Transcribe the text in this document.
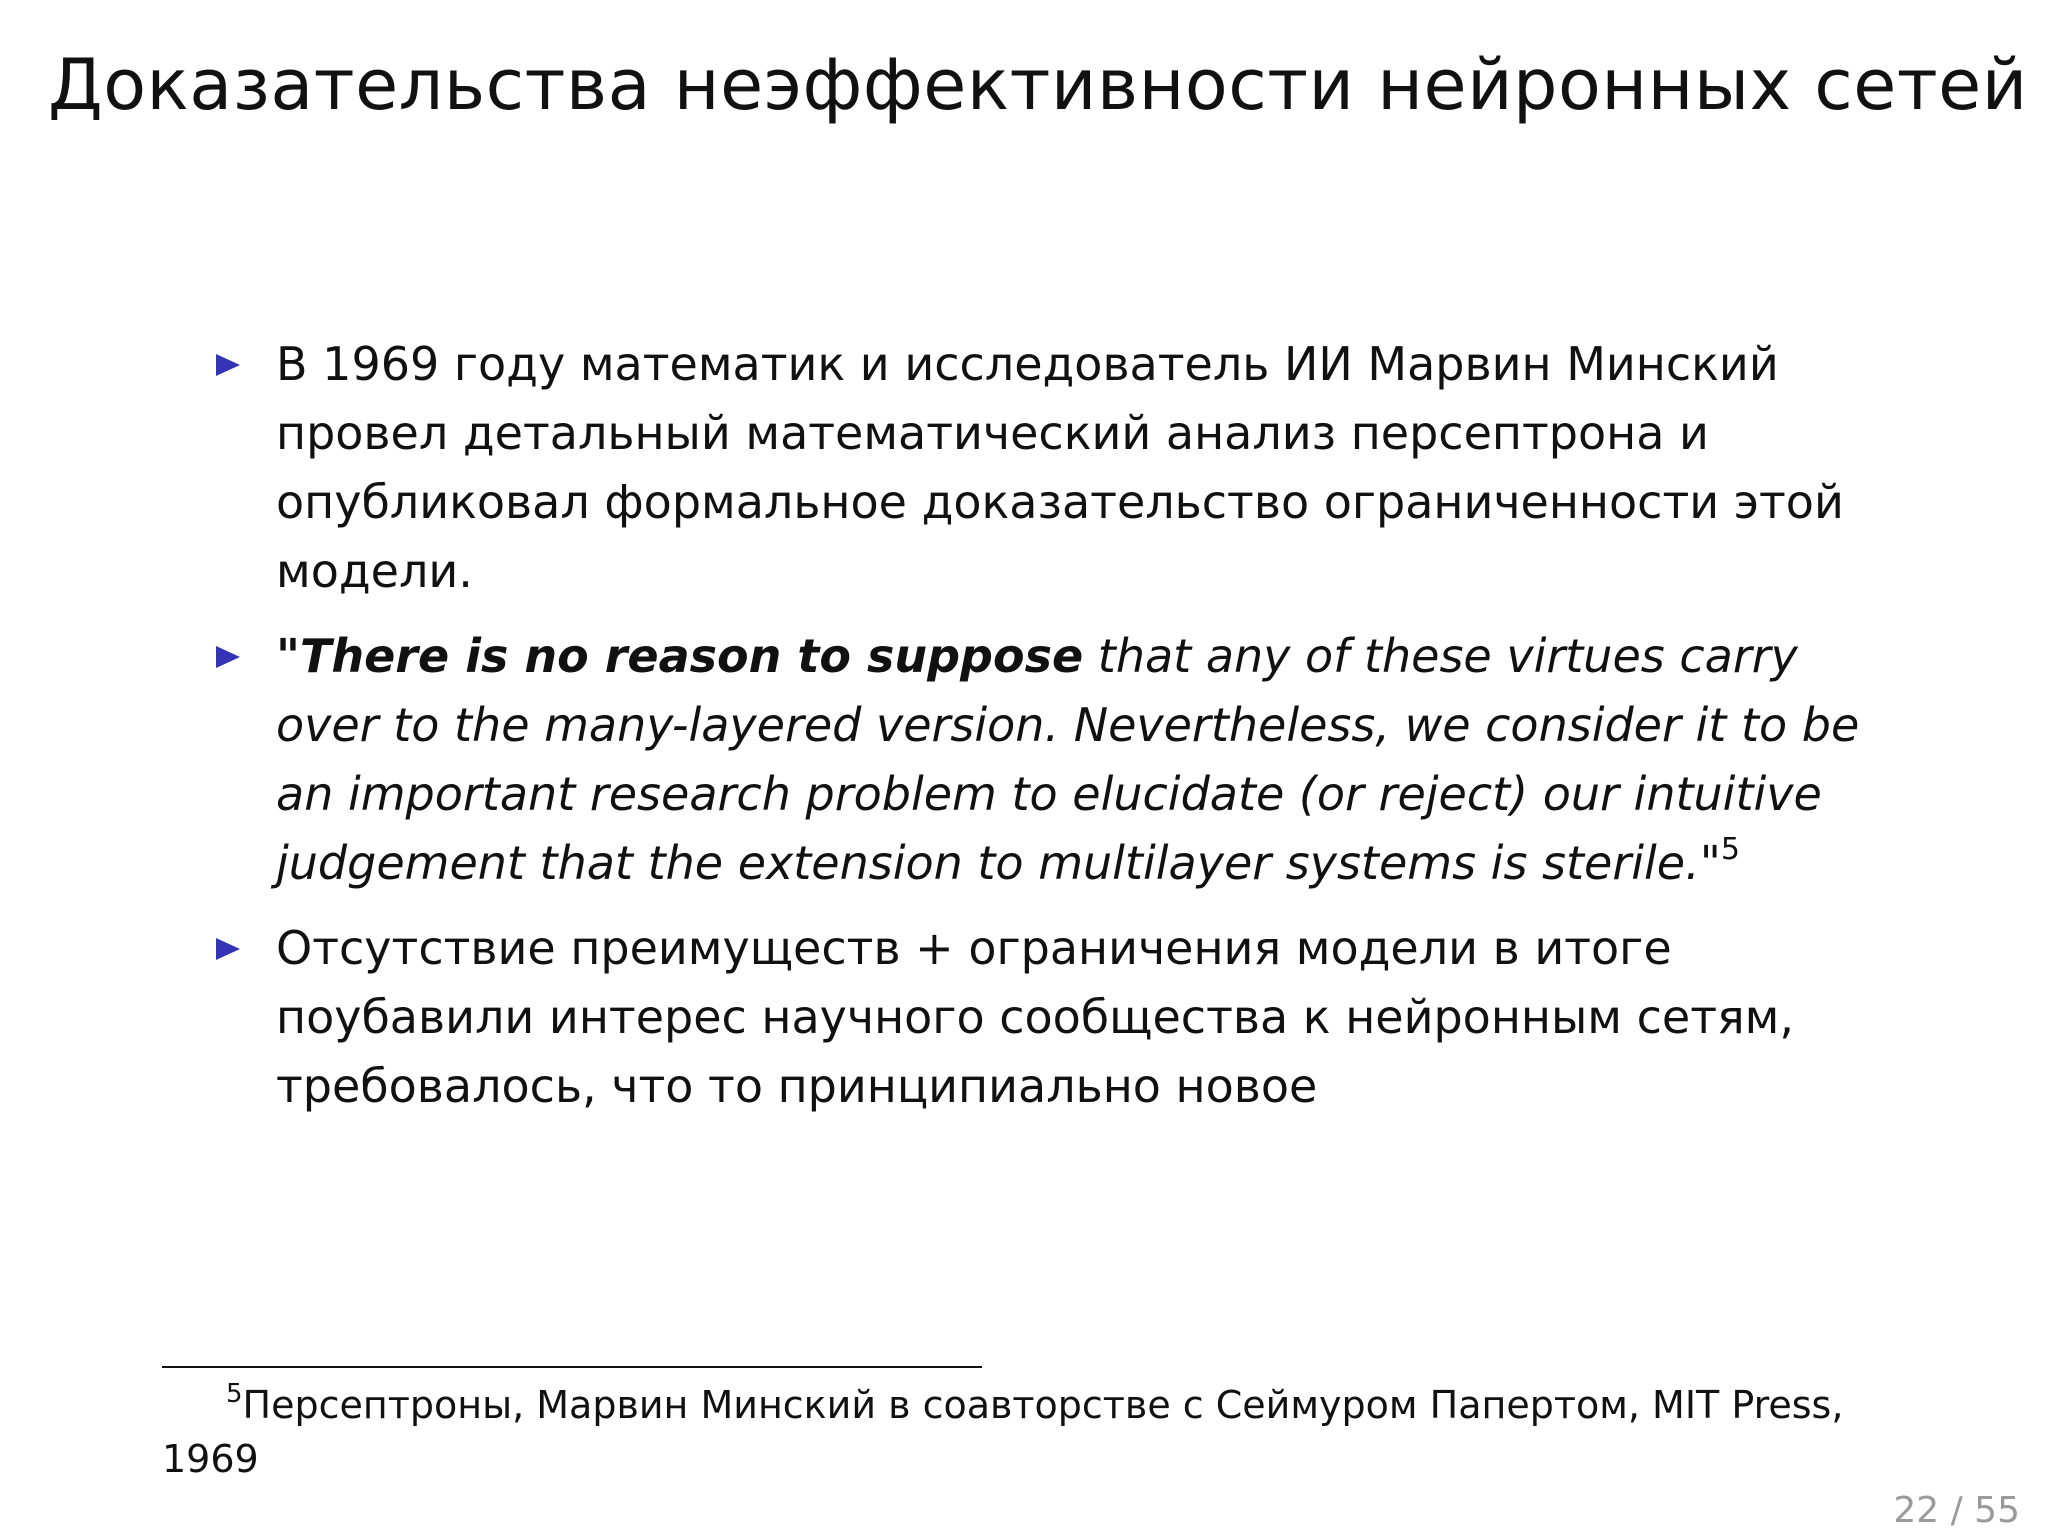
Доказательства неэффективности нейронных сетей
В 1969 году математик и исследователь ИИ Марвин Минский провел детальный математический анализ персептрона и опубликовал формальное доказательство ограниченности этой модели.
"There is no reason to suppose that any of these virtues carry over to the many-layered version. Nevertheless, we consider it to be an important research problem to elucidate (or reject) our intuitive judgement that the extension to multilayer systems is sterile."$^5$
Отсутствие преимуществ + ограничения модели в итоге поубавили интерес научного сообщества к нейронным сетям, требовалось, что то принципиально новое

$^5$Персептроны, Марвин Минский в соавторстве с Сеймуром Папертом, MIT Press, 1969

22 / 55
